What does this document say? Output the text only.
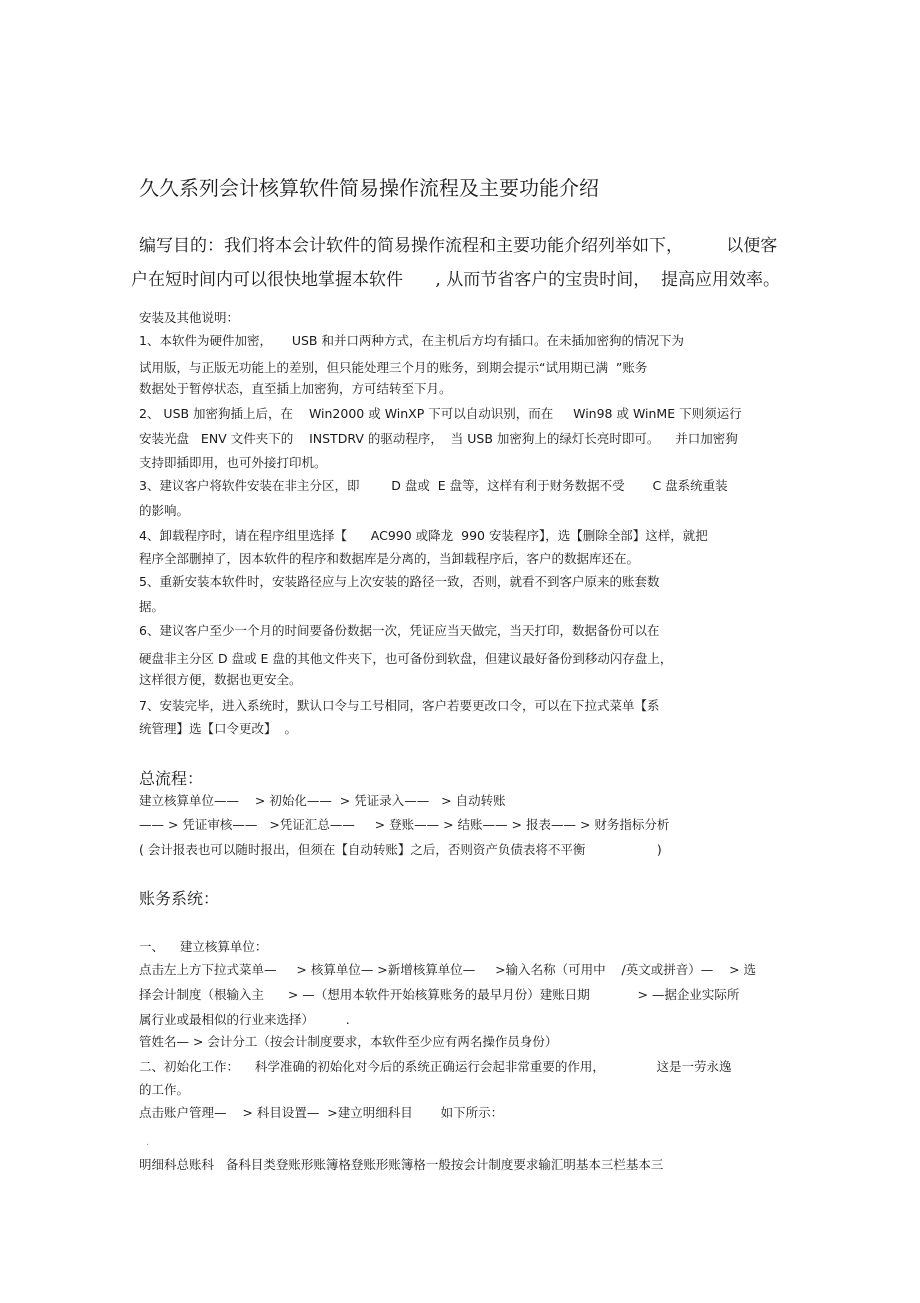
久久系列会计核算软件简易操作流程及主要功能介绍
编写目的：我们将本会计软件的简易操作流程和主要功能介绍列举如下，        以便客
户在短时间内可以很快地掌握本软件      , 从而节省客户的宝贵时间，  提高应用效率。
安装及其他说明：
1、本软件为硬件加密，     USB 和并口两种方式，在主机后方均有插口。在未插加密狗的情况下为
试用版，与正版无功能上的差别，但只能处理三个月的账务，到期会提示“试用期已满  ”账务
数据处于暂停状态，直至插上加密狗，方可结转至下月。
2、 USB 加密狗插上后，在    Win2000 或 WinXP 下可以自动识别，而在     Win98 或 WinME 下则须运行
安装光盘   ENV 文件夹下的    INSTDRV 的驱动程序，  当 USB 加密狗上的绿灯长亮时即可。    并口加密狗
支持即插即用，也可外接打印机。
3、建议客户将软件安装在非主分区，即        D 盘或  E 盘等，这样有利于财务数据不受       C 盘系统重装
的影响。
4、卸载程序时，请在程序组里选择【      AC990 或降龙  990 安装程序】，选【删除全部】这样，就把
程序全部删掉了，因本软件的程序和数据库是分离的，当卸载程序后，客户的数据库还在。
5、重新安装本软件时，安装路径应与上次安装的路径一致，否则，就看不到客户原来的账套数
据。
6、建议客户至少一个月的时间要备份数据一次，凭证应当天做完，当天打印，数据备份可以在
硬盘非主分区 D 盘或 E 盘的其他文件夹下，也可备份到软盘，但建议最好备份到移动闪存盘上，
这样很方便，数据也更安全。
7、安装完毕，进入系统时，默认口令与工号相同，客户若要更改口令，可以在下拉式菜单【系
统管理】选【口令更改】  。
总流程：
建立核算单位——    > 初始化——  > 凭证录入——   > 自动转账
—— > 凭证审核——   >凭证汇总——     > 登账—— > 结账—— > 报表—— > 财务指标分析
( 会计报表也可以随时报出，但须在【自动转账】之后，否则资产负债表将不平衡                  )
账务系统：
一、    建立核算单位：
点击左上方下拉式菜单—     > 核算单位— >新增核算单位—     >输入名称（可用中    /英文或拼音）—    > 选
择会计制度（根输入主      > —（想用本软件开始核算账务的最早月份）建账日期            > —据企业实际所
属行业或最相似的行业来选择）        .
管姓名— > 会计分工（按会计制度要求，本软件至少应有两名操作员身份）
二、初始化工作：    科学准确的初始化对今后的系统正确运行会起非常重要的作用，             这是一劳永逸
的工作。
点击账户管理—    > 科目设置—  >建立明细科目       如下所示：
·
明细科总账科   备科目类登账形账簿格登账形账簿格一般按会计制度要求输汇明基本三栏基本三
